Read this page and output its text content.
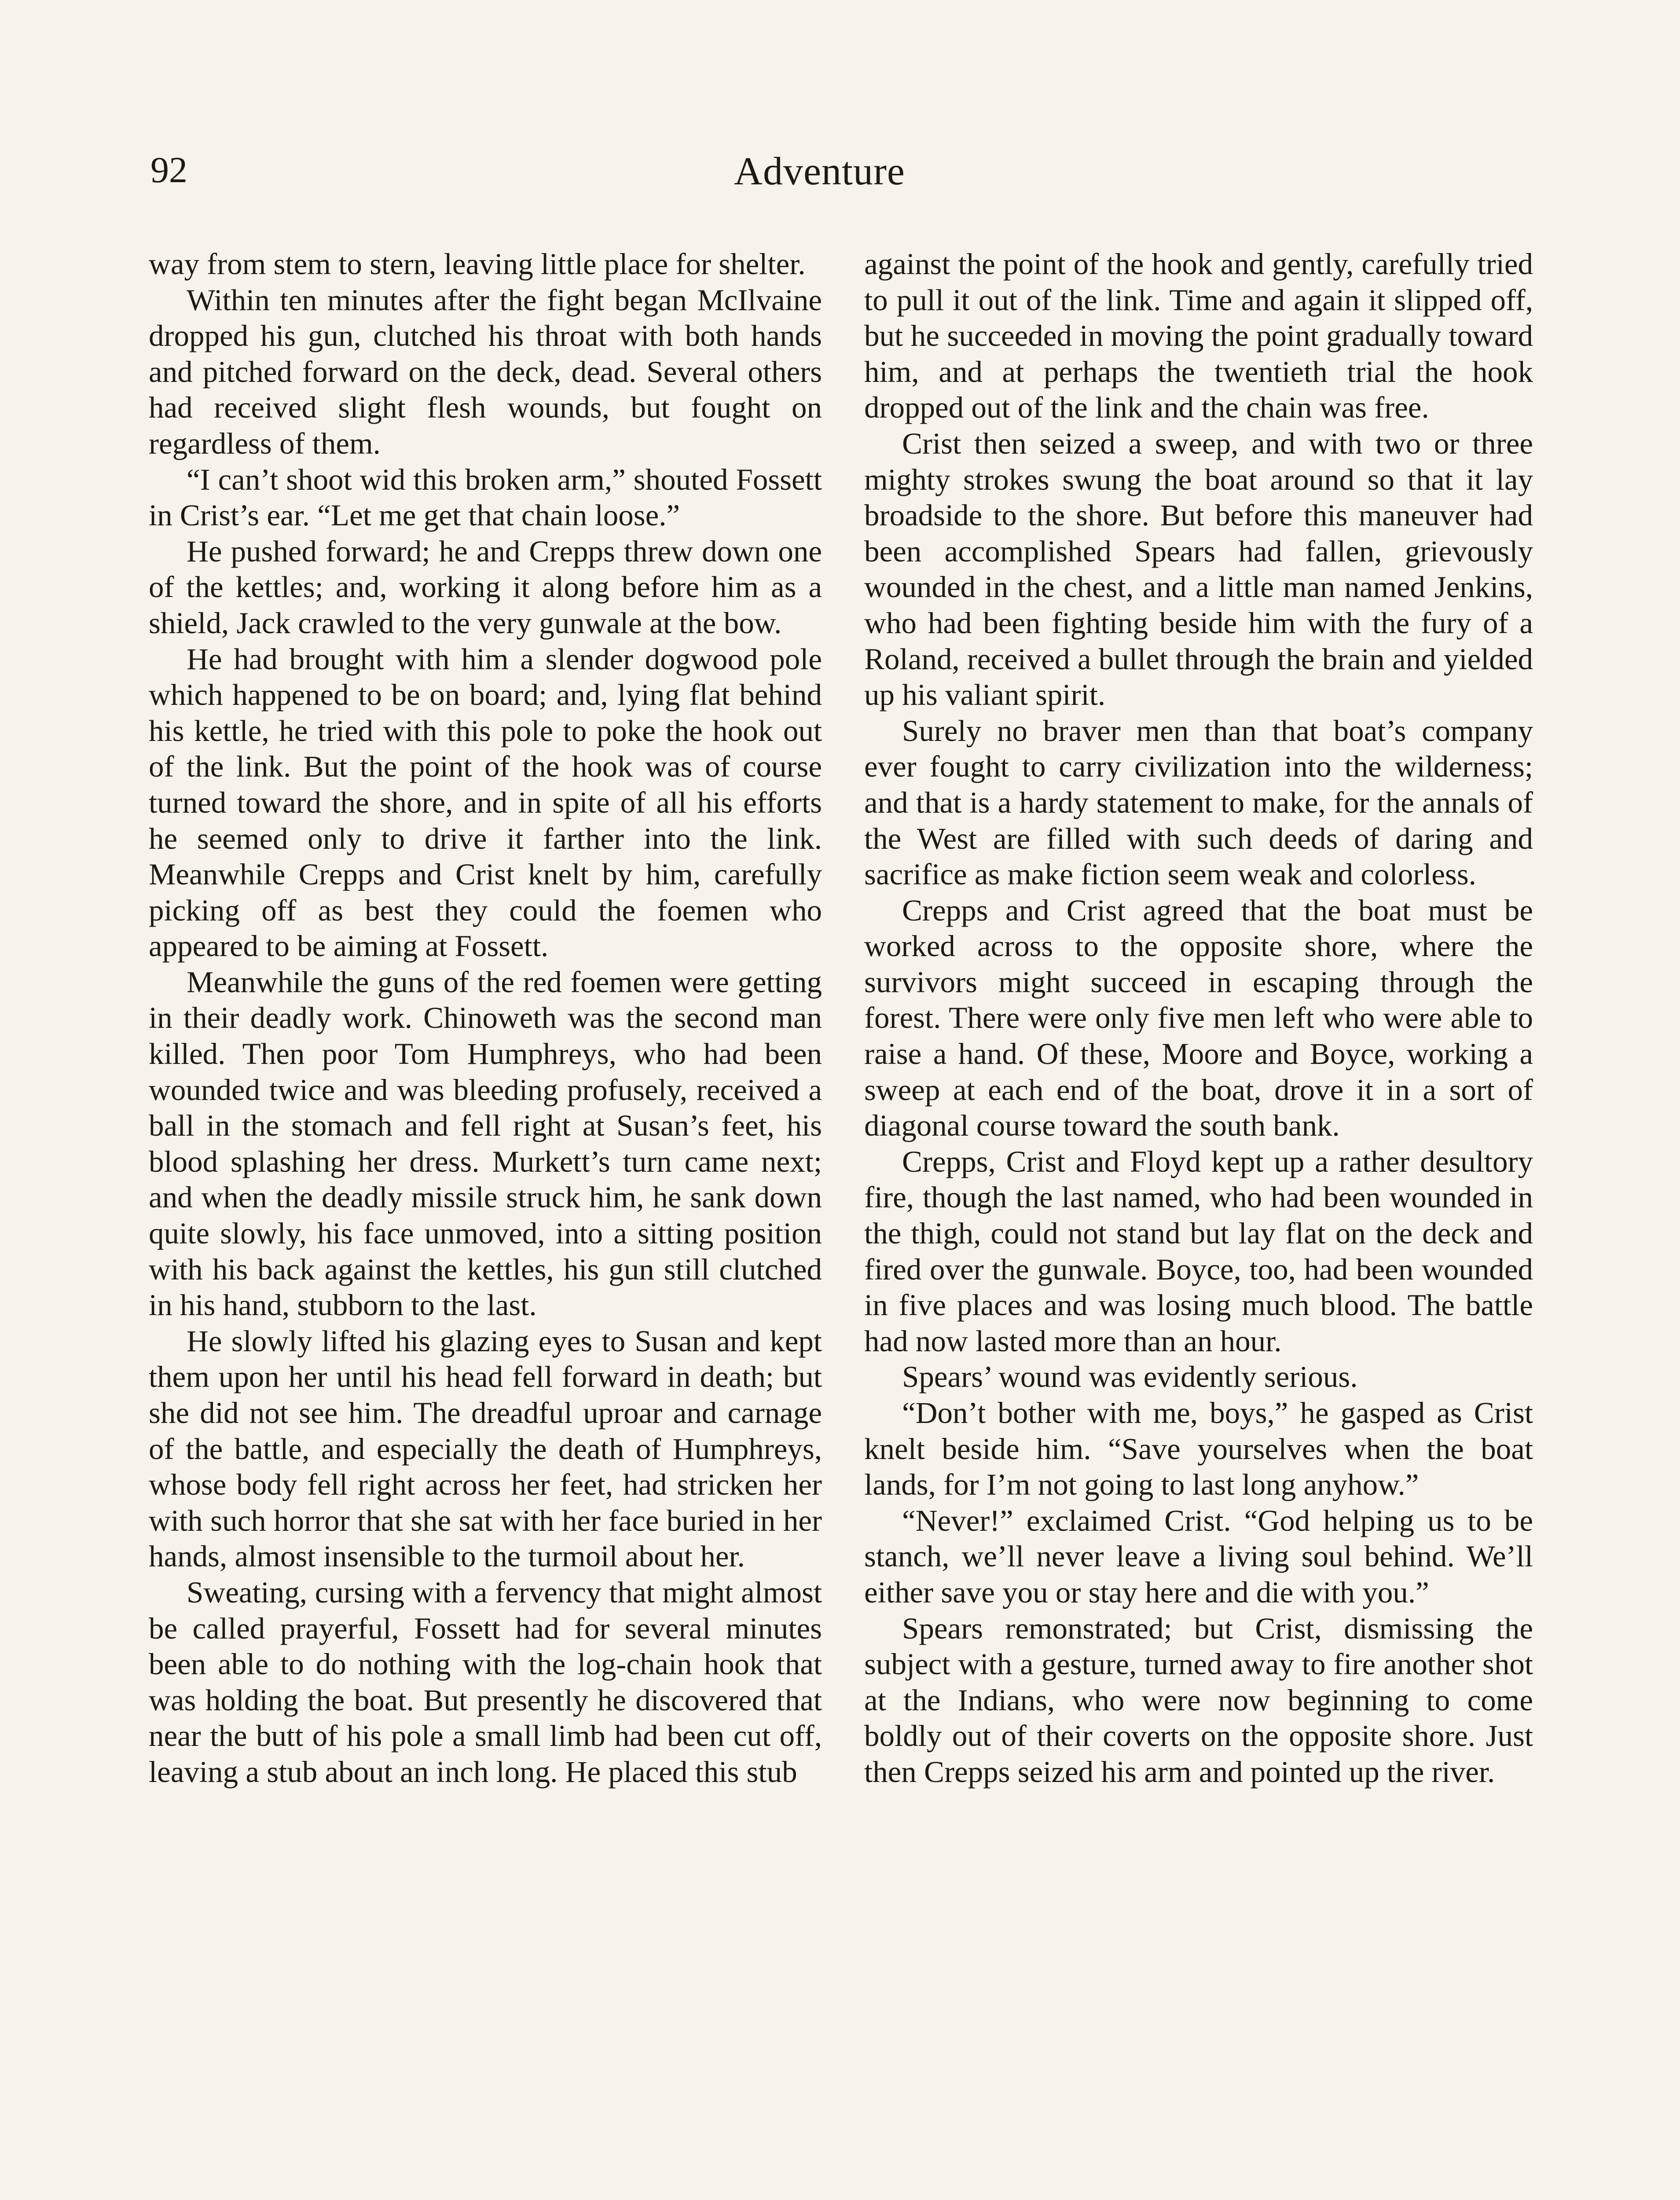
92	Adventure

way from stem to stern, leaving little place for shelter.

Within ten minutes after the fight began McIlvaine dropped his gun, clutched his throat with both hands and pitched forward on the deck, dead. Several others had received slight flesh wounds, but fought on regardless of them.

“I can’t shoot wid this broken arm,” shouted Fossett in Crist’s ear. “Let me get that chain loose.”

He pushed forward; he and Crepps threw down one of the kettles; and, working it along before him as a shield, Jack crawled to the very gunwale at the bow.

He had brought with him a slender dogwood pole which happened to be on board; and, lying flat behind his kettle, he tried with this pole to poke the hook out of the link. But the point of the hook was of course turned toward the shore, and in spite of all his efforts he seemed only to drive it farther into the link. Meanwhile Crepps and Crist knelt by him, carefully picking off as best they could the foemen who appeared to be aiming at Fossett.

Meanwhile the guns of the red foemen were getting in their deadly work. Chinoweth was the second man killed. Then poor Tom Humphreys, who had been wounded twice and was bleeding profusely, received a ball in the stomach and fell right at Susan’s feet, his blood splashing her dress. Murkett’s turn came next; and when the deadly missile struck him, he sank down quite slowly, his face unmoved, into a sitting position with his back against the kettles, his gun still clutched in his hand, stubborn to the last.

He slowly lifted his glazing eyes to Susan and kept them upon her until his head fell forward in death; but she did not see him. The dreadful uproar and carnage of the battle, and especially the death of Humphreys, whose body fell right across her feet, had stricken her with such horror that she sat with her face buried in her hands, almost insensible to the turmoil about her.

Sweating, cursing with a fervency that might almost be called prayerful, Fossett had for several minutes been able to do nothing with the log-chain hook that was holding the boat. But presently he discovered that near the butt of his pole a small limb had been cut off, leaving a stub about an inch long. He placed this stub

against the point of the hook and gently, carefully tried to pull it out of the link. Time and again it slipped off, but he succeeded in moving the point gradually toward him, and at perhaps the twentieth trial the hook dropped out of the link and the chain was free.

Crist then seized a sweep, and with two or three mighty strokes swung the boat around so that it lay broadside to the shore. But before this maneuver had been accomplished Spears had fallen, grievously wounded in the chest, and a little man named Jenkins, who had been fighting beside him with the fury of a Roland, received a bullet through the brain and yielded up his valiant spirit.

Surely no braver men than that boat’s company ever fought to carry civilization into the wilderness; and that is a hardy statement to make, for the annals of the West are filled with such deeds of daring and sacrifice as make fiction seem weak and colorless.

Crepps and Crist agreed that the boat must be worked across to the opposite shore, where the survivors might succeed in escaping through the forest. There were only five men left who were able to raise a hand. Of these, Moore and Boyce, working a sweep at each end of the boat, drove it in a sort of diagonal course toward the south bank.

Crepps, Crist and Floyd kept up a rather desultory fire, though the last named, who had been wounded in the thigh, could not stand but lay flat on the deck and fired over the gunwale. Boyce, too, had been wounded in five places and was losing much blood. The battle had now lasted more than an hour.

Spears’ wound was evidently serious.

“Don’t bother with me, boys,” he gasped as Crist knelt beside him. “Save yourselves when the boat lands, for I’m not going to last long anyhow.”

“Never!” exclaimed Crist. “God helping us to be stanch, we’ll never leave a living soul behind. We’ll either save you or stay here and die with you.”

Spears remonstrated; but Crist, dismissing the subject with a gesture, turned away to fire another shot at the Indians, who were now beginning to come boldly out of their coverts on the opposite shore. Just then Crepps seized his arm and pointed up the river.
